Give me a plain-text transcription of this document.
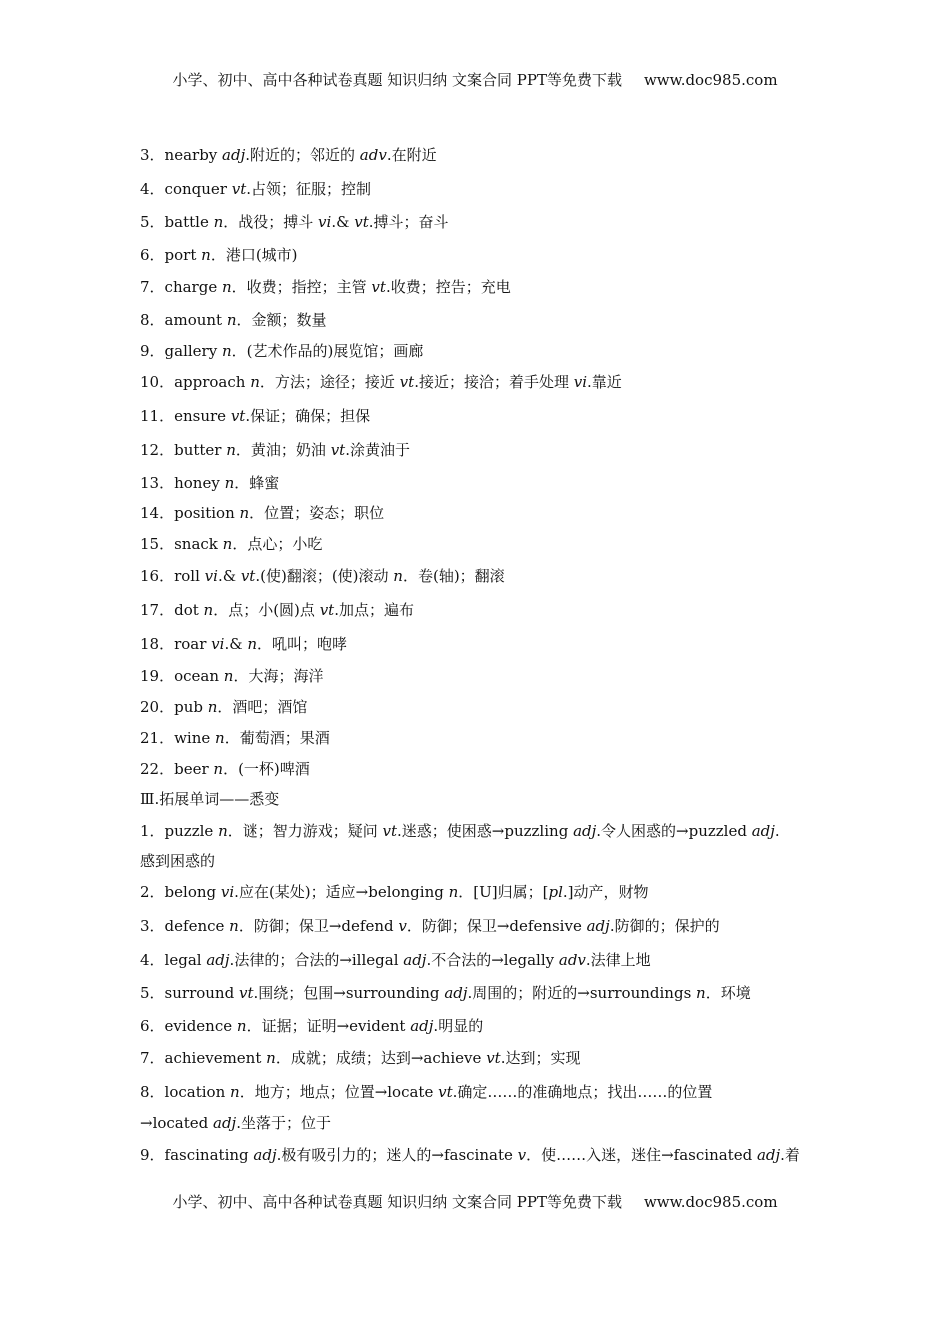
小学、初中、高中各种试卷真题 知识归纳 文案合同 PPT等免费下载 www.doc985.com
3．nearby adj.附近的；邻近的 adv.在附近
4．conquer vt.占领；征服；控制
5．battle n．战役；搏斗 vi.& vt.搏斗；奋斗
6．port n．港口(城市)
7．charge n．收费；指控；主管 vt.收费；控告；充电
8．amount n．金额；数量
9．gallery n．(艺术作品的)展览馆；画廊
10．approach n．方法；途径；接近 vt.接近；接洽；着手处理 vi.靠近
11．ensure vt.保证；确保；担保
12．butter n．黄油；奶油 vt.涂黄油于
13．honey n．蜂蜜
14．position n．位置；姿态；职位
15．snack n．点心；小吃
16．roll vi.& vt.(使)翻滚；(使)滚动 n．卷(轴)；翻滚
17．dot n．点；小(圆)点 vt.加点；遍布
18．roar vi.& n．吼叫；咆哮
19．ocean n．大海；海洋
20．pub n．酒吧；酒馆
21．wine n．葡萄酒；果酒
22．beer n．(一杯)啤酒
Ⅲ.拓展单词——悉变
1．puzzle n．谜；智力游戏；疑问 vt.迷惑；使困惑→puzzling adj.令人困惑的→puzzled adj.
感到困惑的
2．belong vi.应在(某处)；适应→belonging n．[U]归属；[pl.]动产，财物
3．defence n．防御；保卫→defend v．防御；保卫→defensive adj.防御的；保护的
4．legal adj.法律的；合法的→illegal adj.不合法的→legally adv.法律上地
5．surround vt.围绕；包围→surrounding adj.周围的；附近的→surroundings n．环境
6．evidence n．证据；证明→evident adj.明显的
7．achievement n．成就；成绩；达到→achieve vt.达到；实现
8．location n．地方；地点；位置→locate vt.确定……的准确地点；找出……的位置
→located adj.坐落于；位于
9．fascinating adj.极有吸引力的；迷人的→fascinate v．使……入迷，迷住→fascinated adj.着
小学、初中、高中各种试卷真题 知识归纳 文案合同 PPT等免费下载 www.doc985.com
